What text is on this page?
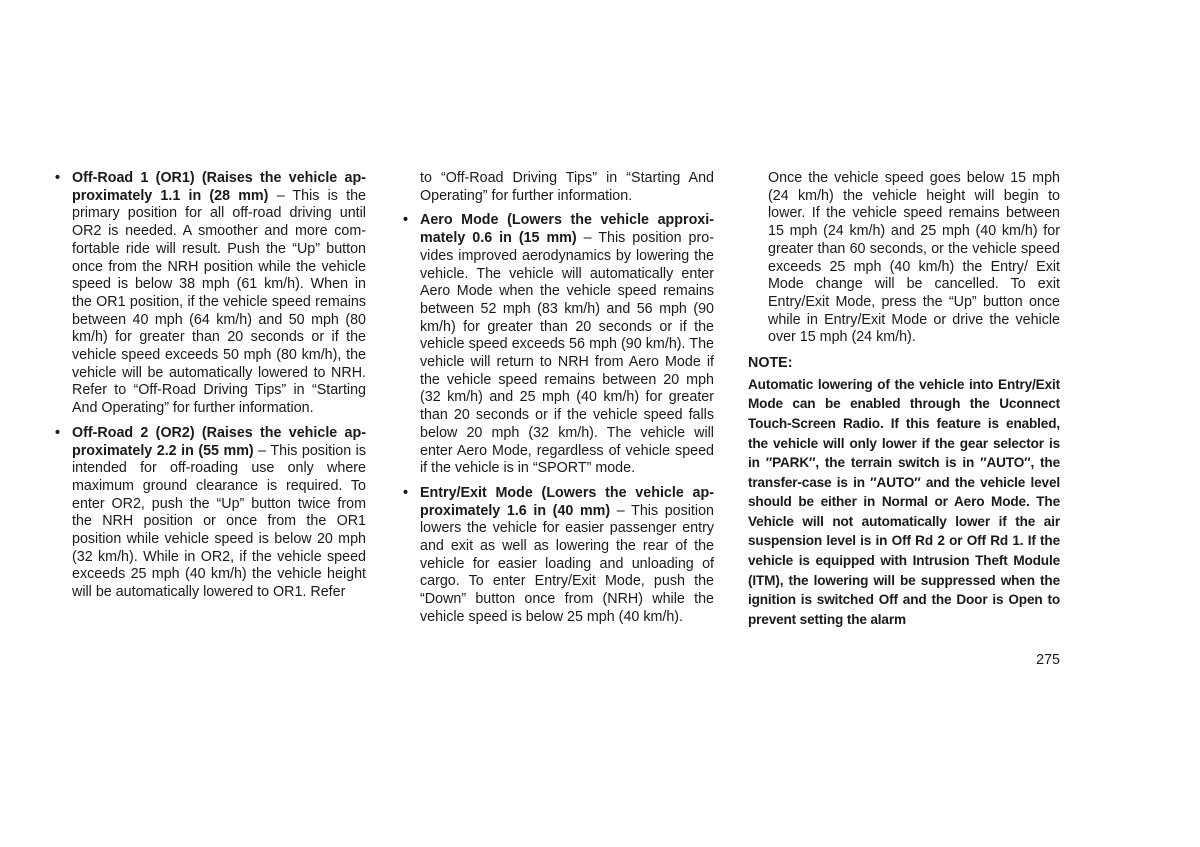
• Off-Road 1 (OR1) (Raises the vehicle approximately 1.1 in (28 mm) – This is the primary position for all off-road driving until OR2 is needed. A smoother and more comfortable ride will result. Push the “Up” button once from the NRH position while the vehicle speed is below 38 mph (61 km/h). When in the OR1 position, if the vehicle speed remains between 40 mph (64 km/h) and 50 mph (80 km/h) for greater than 20 seconds or if the vehicle speed exceeds 50 mph (80 km/h), the vehicle will be automatically lowered to NRH. Refer to “Off-Road Driving Tips” in “Starting And Operating” for further information.
• Off-Road 2 (OR2) (Raises the vehicle approximately 2.2 in (55 mm) – This position is intended for off-roading use only where maximum ground clearance is required. To enter OR2, push the “Up” button twice from the NRH position or once from the OR1 position while vehicle speed is below 20 mph (32 km/h). While in OR2, if the vehicle speed exceeds 25 mph (40 km/h) the vehicle height will be automatically lowered to OR1. Refer
to “Off-Road Driving Tips” in “Starting And Operating” for further information.
• Aero Mode (Lowers the vehicle approximately 0.6 in (15 mm) – This position provides improved aerodynamics by lowering the vehicle. The vehicle will automatically enter Aero Mode when the vehicle speed remains between 52 mph (83 km/h) and 56 mph (90 km/h) for greater than 20 seconds or if the vehicle speed exceeds 56 mph (90 km/h). The vehicle will return to NRH from Aero Mode if the vehicle speed remains between 20 mph (32 km/h) and 25 mph (40 km/h) for greater than 20 seconds or if the vehicle speed falls below 20 mph (32 km/h). The vehicle will enter Aero Mode, regardless of vehicle speed if the vehicle is in “SPORT” mode.
• Entry/Exit Mode (Lowers the vehicle approximately 1.6 in (40 mm) – This position lowers the vehicle for easier passenger entry and exit as well as lowering the rear of the vehicle for easier loading and unloading of cargo. To enter Entry/Exit Mode, push the “Down” button once from (NRH) while the vehicle speed is below 25 mph (40 km/h).
Once the vehicle speed goes below 15 mph (24 km/h) the vehicle height will begin to lower. If the vehicle speed remains between 15 mph (24 km/h) and 25 mph (40 km/h) for greater than 60 seconds, or the vehicle speed exceeds 25 mph (40 km/h) the Entry/ Exit Mode change will be cancelled. To exit Entry/Exit Mode, press the “Up” button once while in Entry/Exit Mode or drive the vehicle over 15 mph (24 km/h).
NOTE:
Automatic lowering of the vehicle into Entry/Exit Mode can be enabled through the Uconnect Touch-Screen Radio. If this feature is enabled, the vehicle will only lower if the gear selector is in ″PARK″, the terrain switch is in ″AUTO″, the transfer-case is in ″AUTO″ and the vehicle level should be either in Normal or Aero Mode. The Vehicle will not automatically lower if the air suspension level is in Off Rd 2 or Off Rd 1. If the vehicle is equipped with Intrusion Theft Module (ITM), the lowering will be suppressed when the ignition is switched Off and the Door is Open to prevent setting the alarm
275
